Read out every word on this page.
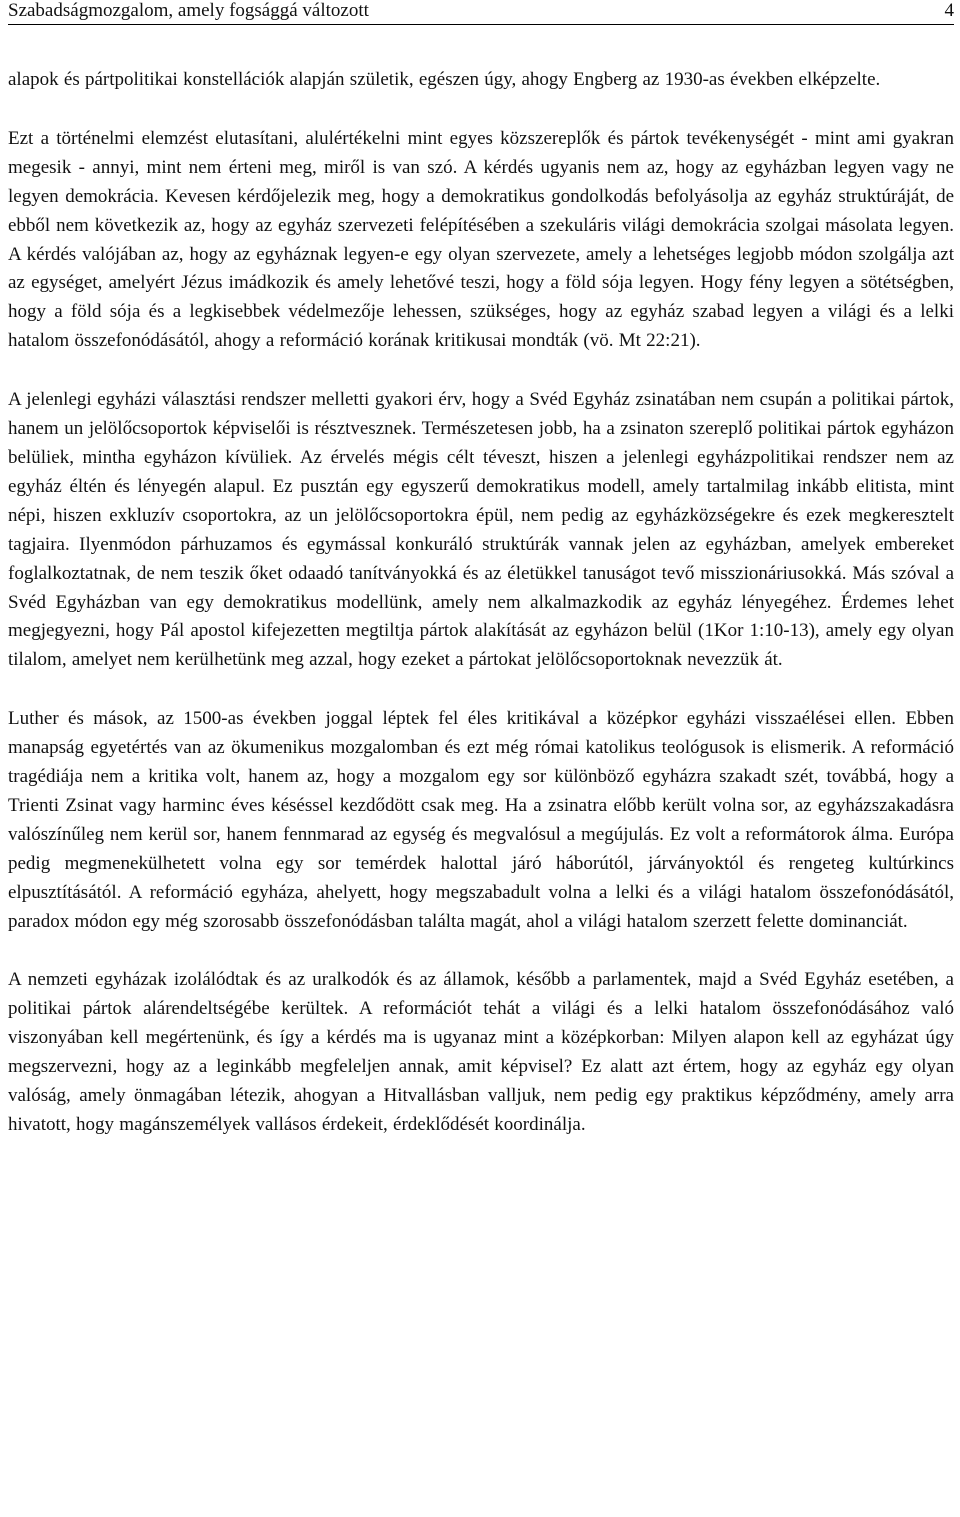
Szabadságmozgalom, amely fogsággá változott	4

alapok és pártpolitikai konstellációk alapján születik, egészen úgy, ahogy Engberg az 1930-as években elképzelte.

Ezt a történelmi elemzést elutasítani, alulértékelni mint egyes közszereplők és pártok tevékenységét - mint ami gyakran megesik - annyi, mint nem érteni meg, miről is van szó. A kérdés ugyanis nem az, hogy az egyházban legyen vagy ne legyen demokrácia. Kevesen kérdőjelezik meg, hogy a demokratikus gondolkodás befolyásolja az egyház struktúráját, de ebből nem következik az, hogy az egyház szervezeti felépítésében a szekuláris világi demokrácia szolgai másolata legyen. A kérdés valójában az, hogy az egyháznak legyen-e egy olyan szervezete, amely a lehetséges legjobb módon szolgálja azt az egységet, amelyért Jézus imádkozik és amely lehetővé teszi, hogy a föld sója legyen. Hogy fény legyen a sötétségben, hogy a föld sója és a legkisebbek védelmezője lehessen, szükséges, hogy az egyház szabad legyen a világi és a lelki hatalom összefonódásától, ahogy a reformáció korának kritikusai mondták (vö. Mt 22:21).

A jelenlegi egyházi választási rendszer melletti gyakori érv, hogy a Svéd Egyház zsinatában nem csupán a politikai pártok, hanem un jelölőcsoportok képviselői is résztvesznek. Természetesen jobb, ha a zsinaton szereplő politikai pártok egyházon belüliek, mintha egyházon kívüliek. Az érvelés mégis célt téveszt, hiszen a jelenlegi egyházpolitikai rendszer nem az egyház éltén és lényegén alapul. Ez pusztán egy egyszerű demokratikus modell, amely tartalmilag inkább elitista, mint népi, hiszen exkluzív csoportokra, az un jelölőcsoportokra épül, nem pedig az egyházközségekre és ezek megkeresztelt tagjaira. Ilyenmódon párhuzamos és egymással konkuráló struktúrák vannak jelen az egyházban, amelyek embereket foglalkoztatnak, de nem teszik őket odaadó tanítványokká és az életükkel tanuságot tevő misszionáriusokká. Más szóval a Svéd Egyházban van egy demokratikus modellünk, amely nem alkalmazkodik az egyház lényegéhez. Érdemes lehet megjegyezni, hogy Pál apostol kifejezetten megtiltja pártok alakítását az egyházon belül (1Kor 1:10-13), amely egy olyan tilalom, amelyet nem kerülhetünk meg azzal, hogy ezeket a pártokat jelölőcsoportoknak nevezzük át.

Luther és mások, az 1500-as években joggal léptek fel éles kritikával a középkor egyházi visszaélései ellen. Ebben manapság egyetértés van az ökumenikus mozgalomban és ezt még római katolikus teológusok is elismerik. A reformáció tragédiája nem a kritika volt, hanem az, hogy a mozgalom egy sor különböző egyházra szakadt szét, továbbá, hogy a Trienti Zsinat vagy harminc éves késéssel kezdődött csak meg. Ha a zsinatra előbb került volna sor, az egyházszakadásra valószínűleg nem kerül sor, hanem fennmarad az egység és megvalósul a megújulás. Ez volt a reformátorok álma. Európa pedig megmenekülhetett volna egy sor temérdek halottal járó háborútól, járványoktól és rengeteg kultúrkincs elpusztításától. A reformáció egyháza, ahelyett, hogy megszabadult volna a lelki és a világi hatalom összefonódásától, paradox módon egy még szorosabb összefonódásban találta magát, ahol a világi hatalom szerzett felette dominanciát.

A nemzeti egyházak izolálódtak és az uralkodók és az államok, később a parlamentek, majd a Svéd Egyház esetében, a politikai pártok alárendeltségébe kerültek. A reformációt tehát a világi és a lelki hatalom összefonódásához való viszonyában kell megértenünk, és így a kérdés ma is ugyanaz mint a középkorban: Milyen alapon kell az egyházat úgy megszervezni, hogy az a leginkább megfeleljen annak, amit képvisel? Ez alatt azt értem, hogy az egyház egy olyan valóság, amely önmagában létezik, ahogyan a Hitvallásban valljuk, nem pedig egy praktikus képződmény, amely arra hivatott, hogy magánszemélyek vallásos érdekeit, érdeklődését koordinálja.
